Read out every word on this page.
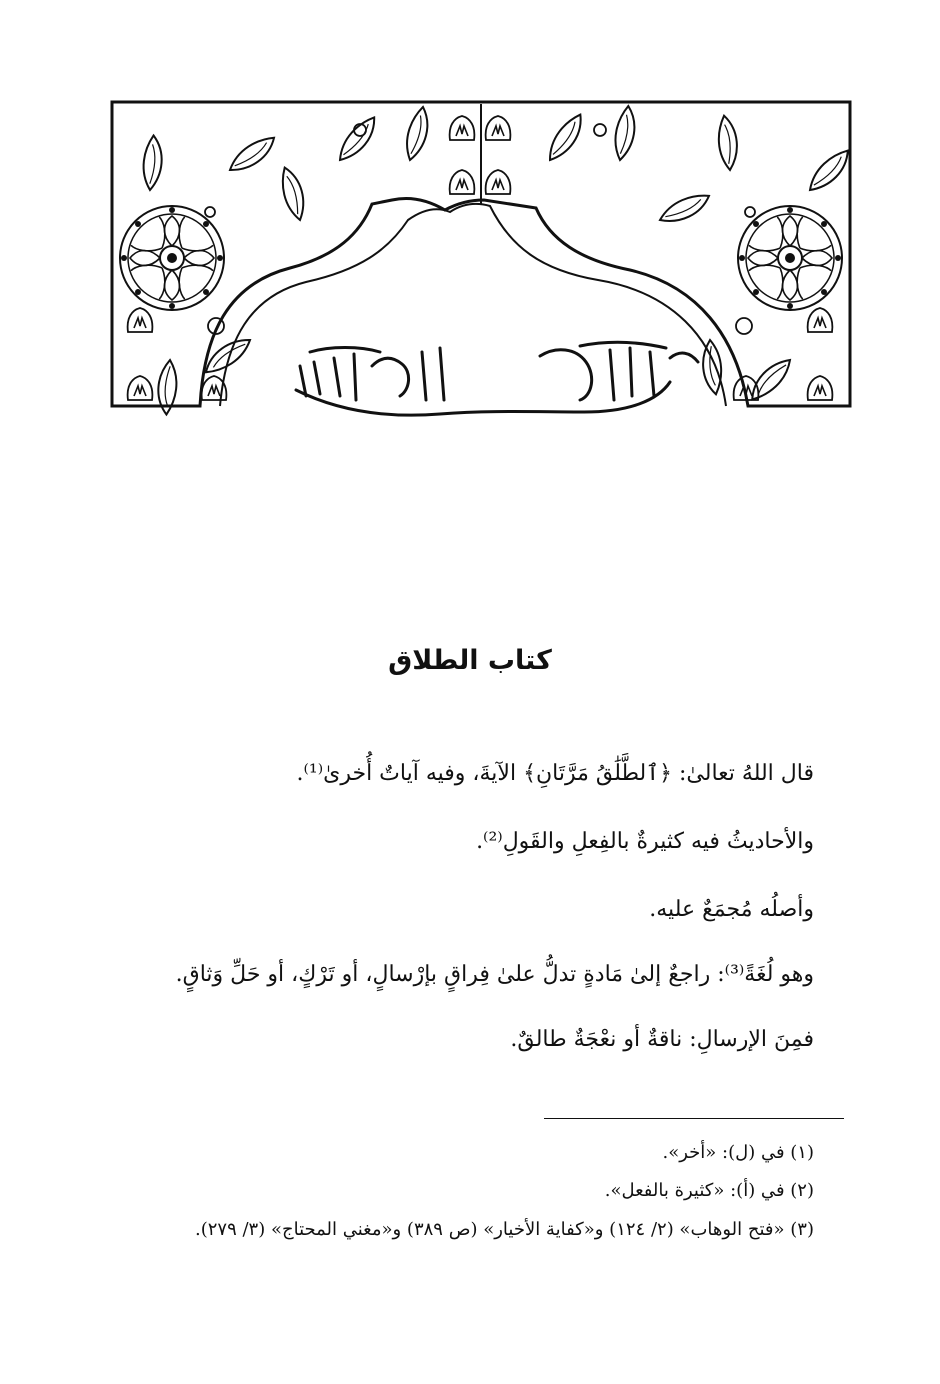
كتاب الطلاق

قال اللهُ تعالىٰ: ﴿ٱلطَّلَٰقُ مَرَّتَانِ﴾ الآيةَ، وفيه آياتٌ أُخرىٰ⁽¹⁾.

والأحاديثُ فيه كثيرةٌ بالفِعلِ والقَولِ⁽²⁾.

وأصلُه مُجمَعٌ عليه.

وهو لُغَةً⁽³⁾: راجعٌ إلىٰ مَادةٍ تدلُّ علىٰ فِراقٍ بإرْسالٍ، أو تَرْكٍ، أو حَلِّ وَثاقٍ.

فمِنَ الإرسالِ: ناقةٌ أو نعْجَةٌ طالقٌ.

(١) في (ل): «أخر».

(٢) في (أ): «كثيرة بالفعل».

(٣) «فتح الوهاب» (٢/ ١٢٤) و«كفاية الأخيار» (ص ٣٨٩) و«مغني المحتاج» (٣/ ٢٧٩).
